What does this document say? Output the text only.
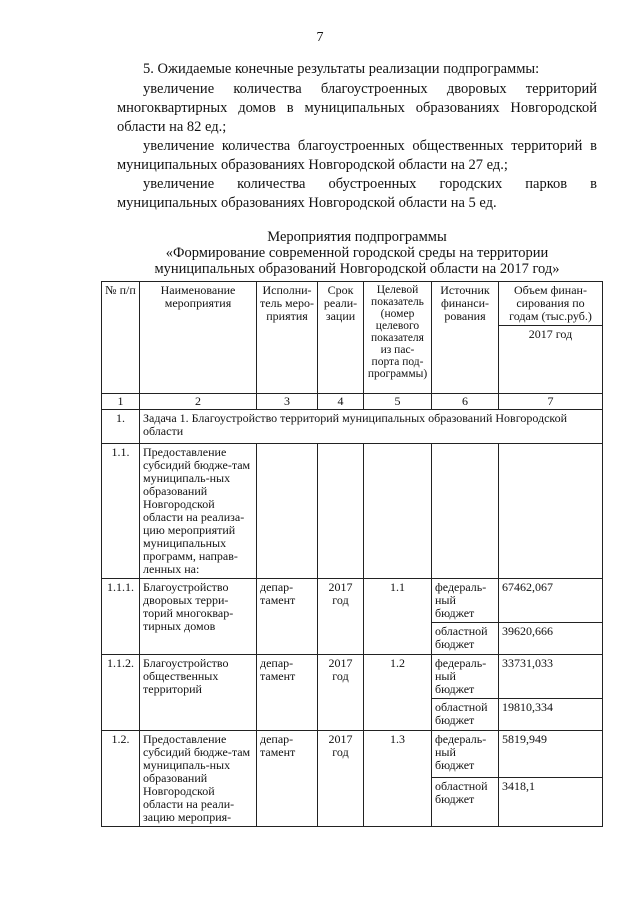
7

5. Ожидаемые конечные результаты реализации подпрограммы:

увеличение количества благоустроенных дворовых территорий многоквартирных домов в муниципальных образованиях Новгородской области на 82 ед.;

увеличение количества благоустроенных общественных территорий в муниципальных образованиях Новгородской области на 27 ед.;

увеличение количества обустроенных городских парков в муниципальных образованиях Новгородской области на 5 ед.

Мероприятия подпрограммы
«Формирование современной городской среды на территории
муниципальных образований Новгородской области на 2017 год»
№ п/п	Наименование мероприятия	Исполни-тель меро-приятия	Срок реали-зации	Целевой показатель (номер целевого показателя из пас-порта под-программы)	Источник финанси-рования	Объем финан-сирования по годам (тыс.руб.)
						2017 год
1	2	3	4	5	6	7
1.	Задача 1. Благоустройство территорий муниципальных образований Новгородской области					
1.1.	Предоставление субсидий бюдже-там муниципаль-ных образований Новгородской области на реализа-цию мероприятий муниципальных программ, направ-ленных на:					
1.1.1.	Благоустройство дворовых терри-торий многоквар-тирных домов	депар-тамент	2017 год	1.1	федераль-ный бюджет	67462,067
					областной бюджет	39620,666
1.1.2.	Благоустройство общественных территорий	депар-тамент	2017 год	1.2	федераль-ный бюджет	33731,033
					областной бюджет	19810,334
1.2.	Предоставление субсидий бюдже-там муниципаль-ных образований Новгородской области на реали-зацию мероприя-	депар-тамент	2017 год	1.3	федераль-ный бюджет	5819,949
					областной бюджет	3418,1
